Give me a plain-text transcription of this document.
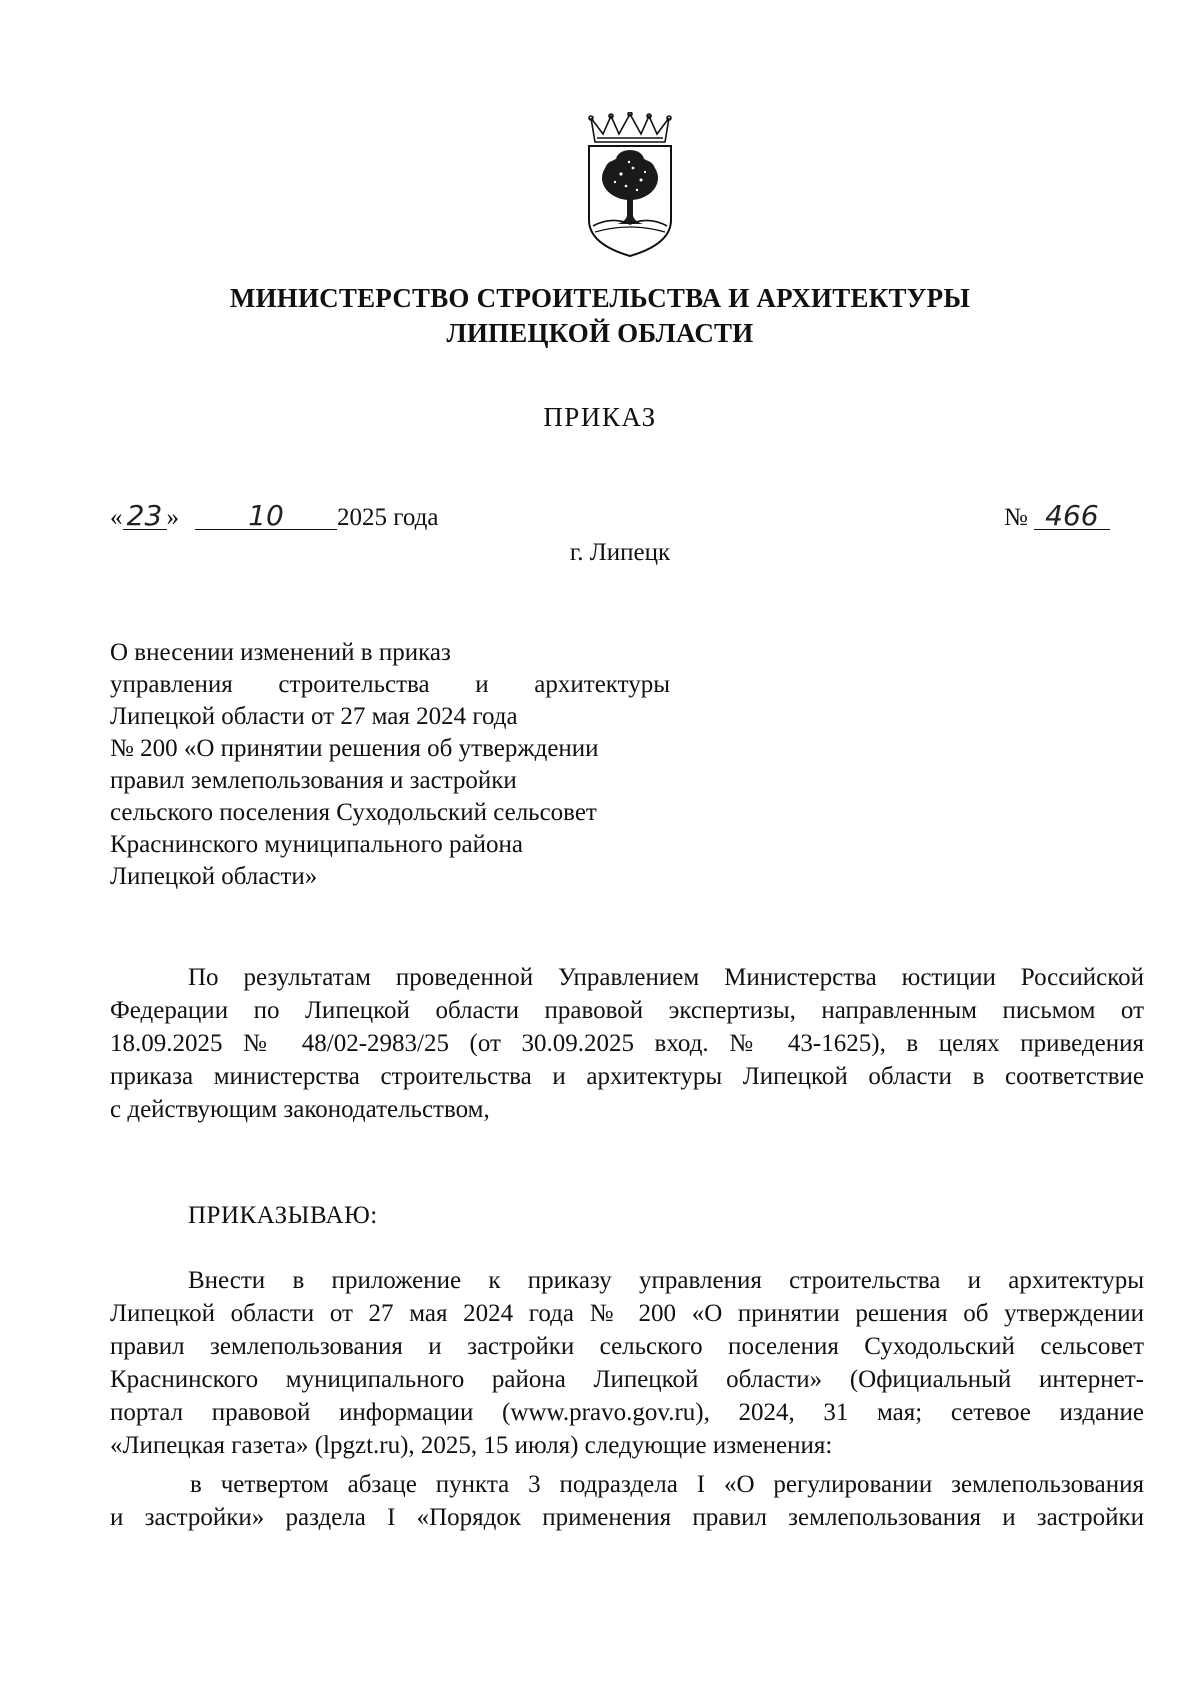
МИНИСТЕРСТВО СТРОИТЕЛЬСТВА И АРХИТЕКТУРЫ
ЛИПЕЦКОЙ ОБЛАСТИ
ПРИКАЗ
« 23 » 10 2025 года	№ 466
г. Липецк
О внесении изменений в приказ
управления строительства и архитектуры
Липецкой области от 27 мая 2024 года
№ 200 «О принятии решения об утверждении
правил землепользования и застройки
сельского поселения Суходольский сельсовет
Краснинского муниципального района
Липецкой области»
По результатам проведенной Управлением Министерства юстиции Российской
Федерации по Липецкой области правовой экспертизы, направленным письмом от
18.09.2025 № 48/02-2983/25 (от 30.09.2025 вход. № 43-1625), в целях приведения
приказа министерства строительства и архитектуры Липецкой области в соответствие
с действующим законодательством,
ПРИКАЗЫВАЮ:
Внести в приложение к приказу управления строительства и архитектуры
Липецкой области от 27 мая 2024 года № 200 «О принятии решения об утверждении
правил землепользования и застройки сельского поселения Суходольский сельсовет
Краснинского муниципального района Липецкой области» (Официальный интернет-
портал правовой информации (www.pravo.gov.ru), 2024, 31 мая; сетевое издание
«Липецкая газета» (lpgzt.ru), 2025, 15 июля) следующие изменения:
в четвертом абзаце пункта 3 подраздела I «О регулировании землепользования
и застройки» раздела I «Порядок применения правил землепользования и застройки
